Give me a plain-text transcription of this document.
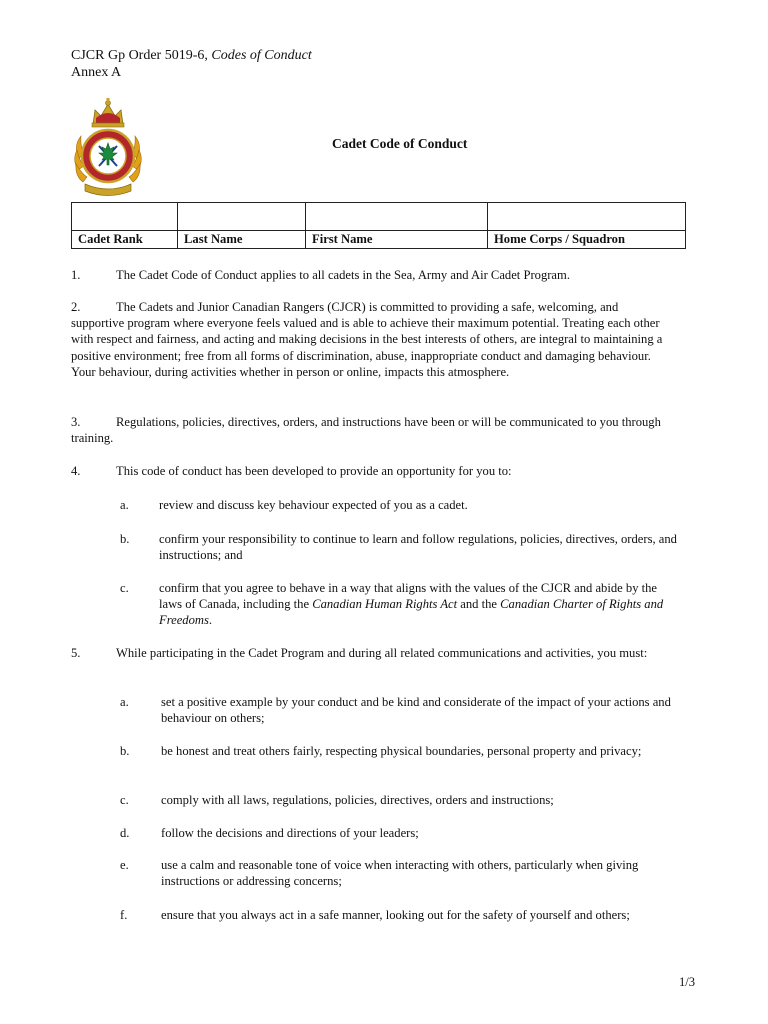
CJCR Gp Order 5019-6, Codes of Conduct
Annex A
Cadet Code of Conduct

Cadet Rank	Last Name	First Name	Home Corps / Squadron

1.	The Cadet Code of Conduct applies to all cadets in the Sea, Army and Air Cadet Program.

2.	The Cadets and Junior Canadian Rangers (CJCR) is committed to providing a safe, welcoming, and supportive program where everyone feels valued and is able to achieve their maximum potential. Treating each other with respect and fairness, and acting and making decisions in the best interests of others, are integral to maintaining a positive environment; free from all forms of discrimination, abuse, inappropriate conduct and damaging behaviour. Your behaviour, during activities whether in person or online, impacts this atmosphere.

3.	Regulations, policies, directives, orders, and instructions have been or will be communicated to you through training.

4.	This code of conduct has been developed to provide an opportunity for you to:

a. review and discuss key behaviour expected of you as a cadet.
b. confirm your responsibility to continue to learn and follow regulations, policies, directives, orders, and instructions; and
c. confirm that you agree to behave in a way that aligns with the values of the CJCR and abide by the laws of Canada, including the Canadian Human Rights Act and the Canadian Charter of Rights and Freedoms.

5.	While participating in the Cadet Program and during all related communications and activities, you must:

a.	set a positive example by your conduct and be kind and considerate of the impact of your actions and behaviour on others;
b.	be honest and treat others fairly, respecting physical boundaries, personal property and privacy;
c.	comply with all laws, regulations, policies, directives, orders and instructions;
d.	follow the decisions and directions of your leaders;
e.	use a calm and reasonable tone of voice when interacting with others, particularly when giving instructions or addressing concerns;
f.	ensure that you always act in a safe manner, looking out for the safety of yourself and others;
1/3
